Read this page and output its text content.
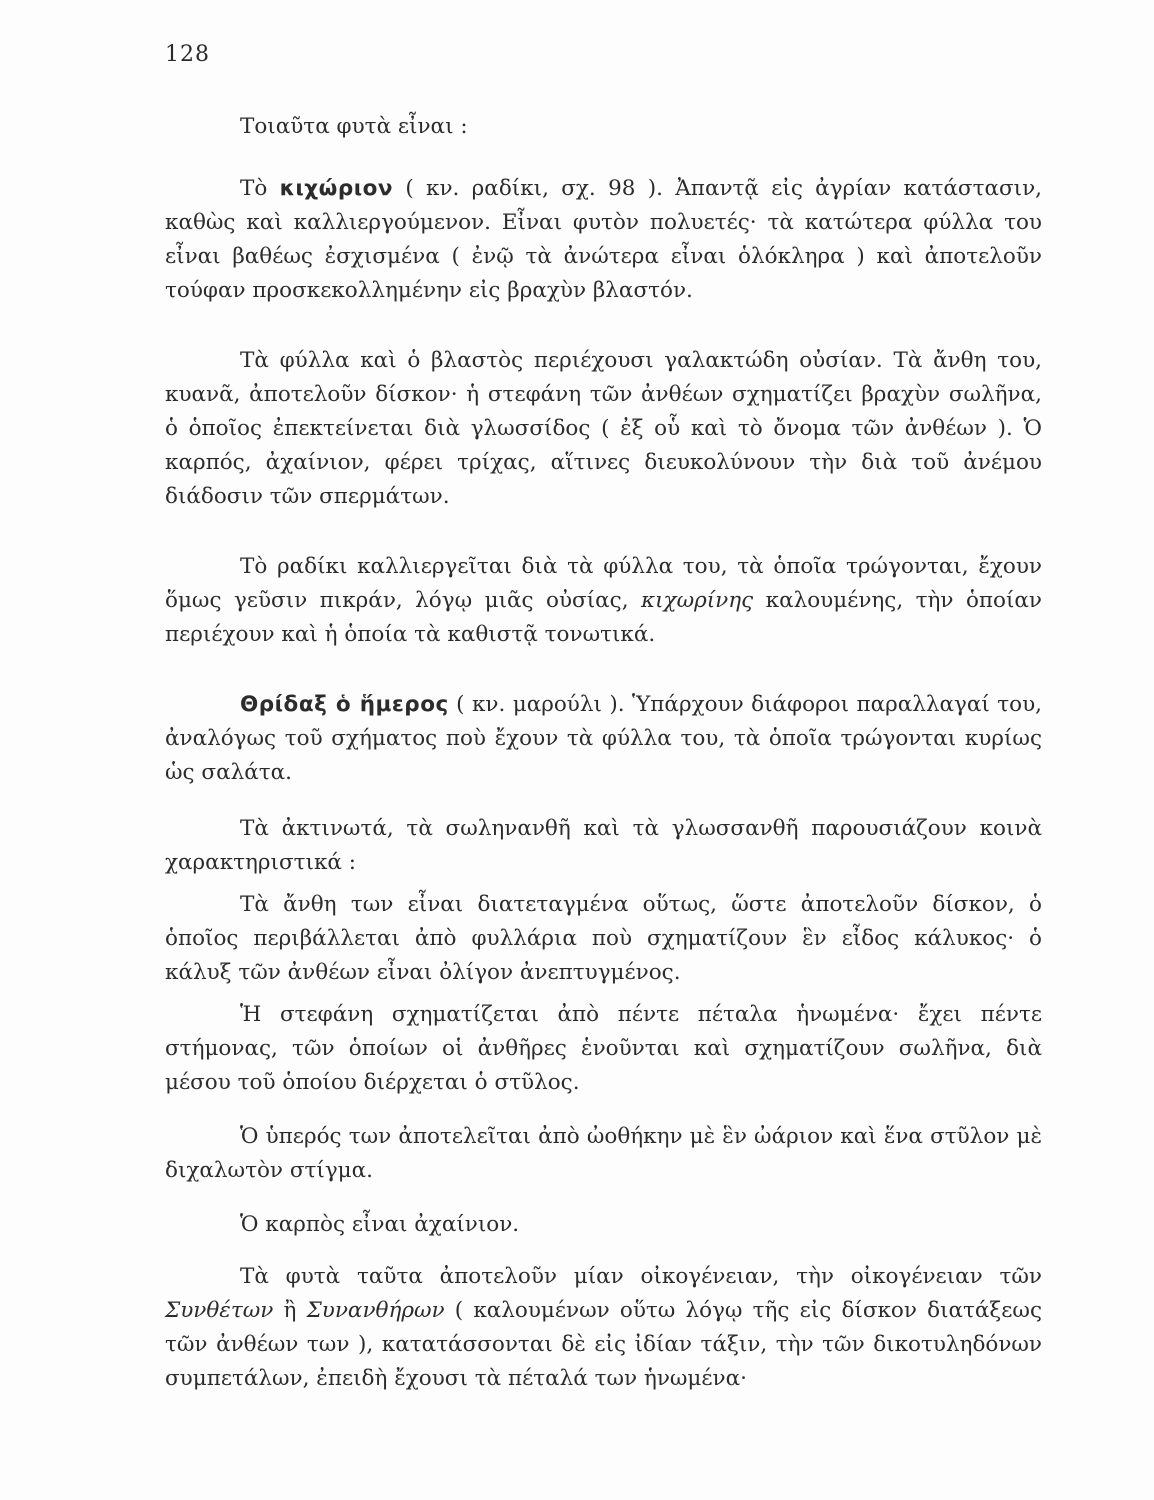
128

Τοιαῦτα φυτὰ εἶναι :

Τὸ κιχώριον ( κν. ραδίκι, σχ. 98 ). Ἀπαντᾷ εἰς ἀγρίαν κατάστασιν, καθὼς καὶ καλλιεργούμενον. Εἶναι φυτὸν πολυετές· τὰ κατώτερα φύλλα του εἶναι βαθέως ἐσχισμένα ( ἐνῷ τὰ ἀνώτερα εἶναι ὁλόκληρα ) καὶ ἀποτελοῦν τούφαν προσκεκολλημένην εἰς βραχὺν βλαστόν.

Τὰ φύλλα καὶ ὁ βλαστὸς περιέχουσι γαλακτώδη οὐσίαν. Τὰ ἄνθη του, κυανᾶ, ἀποτελοῦν δίσκον· ἡ στεφάνη τῶν ἀνθέων σχηματίζει βραχὺν σωλῆνα, ὁ ὁποῖος ἐπεκτείνεται διὰ γλωσσίδος ( ἐξ οὗ καὶ τὸ ὄνομα τῶν ἀνθέων ). Ὁ καρπός, ἀχαίνιον, φέρει τρίχας, αἵτινες διευκολύνουν τὴν διὰ τοῦ ἀνέμου διάδοσιν τῶν σπερμάτων.

Τὸ ραδίκι καλλιεργεῖται διὰ τὰ φύλλα του, τὰ ὁποῖα τρώγονται, ἔχουν ὅμως γεῦσιν πικράν, λόγῳ μιᾶς οὐσίας, κιχωρίνης καλουμένης, τὴν ὁποίαν περιέχουν καὶ ἡ ὁποία τὰ καθιστᾷ τονωτικά.

Θρίδαξ ὁ ἥμερος ( κν. μαρούλι ). Ὑπάρχουν διάφοροι παραλλαγαί του, ἀναλόγως τοῦ σχήματος ποὺ ἔχουν τὰ φύλλα του, τὰ ὁποῖα τρώγονται κυρίως ὡς σαλάτα.

Τὰ ἀκτινωτά, τὰ σωληνανθῆ καὶ τὰ γλωσσανθῆ παρουσιάζουν κοινὰ χαρακτηριστικά :

Τὰ ἄνθη των εἶναι διατεταγμένα οὕτως, ὥστε ἀποτελοῦν δίσκον, ὁ ὁποῖος περιβάλλεται ἀπὸ φυλλάρια ποὺ σχηματίζουν ἓν εἶδος κάλυκος· ὁ κάλυξ τῶν ἀνθέων εἶναι ὀλίγον ἀνεπτυγμένος.

Ἡ στεφάνη σχηματίζεται ἀπὸ πέντε πέταλα ἡνωμένα· ἔχει πέντε στήμονας, τῶν ὁποίων οἱ ἀνθῆρες ἑνοῦνται καὶ σχηματίζουν σωλῆνα, διὰ μέσου τοῦ ὁποίου διέρχεται ὁ στῦλος.

Ὁ ὑπερός των ἀποτελεῖται ἀπὸ ὠοθήκην μὲ ἓν ὠάριον καὶ ἕνα στῦλον μὲ διχαλωτὸν στίγμα.

Ὁ καρπὸς εἶναι ἀχαίνιον.

Τὰ φυτὰ ταῦτα ἀποτελοῦν μίαν οἰκογένειαν, τὴν οἰκογένειαν τῶν Συνθέτων ἢ Συνανθήρων ( καλουμένων οὕτω λόγῳ τῆς εἰς δίσκον διατάξεως τῶν ἀνθέων των ), κατατάσσονται δὲ εἰς ἰδίαν τάξιν, τὴν τῶν δικοτυληδόνων συμπετάλων, ἐπειδὴ ἔχουσι τὰ πέταλά των ἡνωμένα·
